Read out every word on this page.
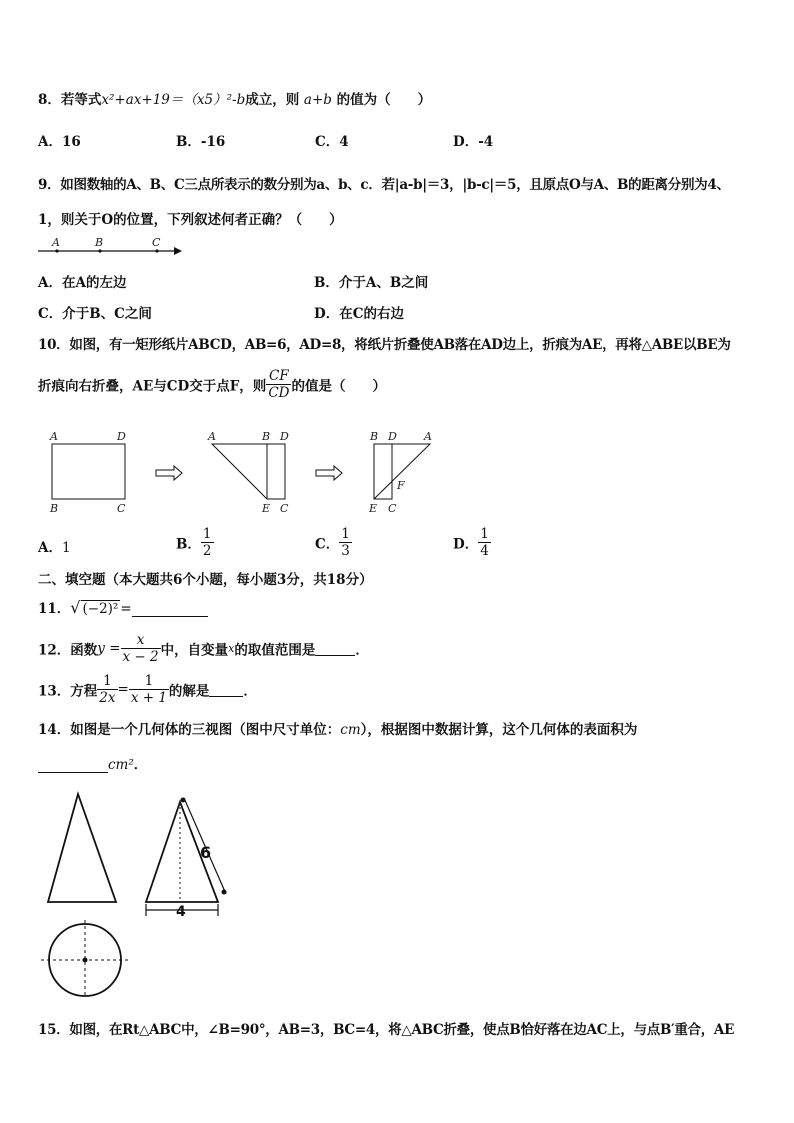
8．若等式x²+ax+19＝（x5）²-b成立，则 a+b 的值为（　　）
A．16	B．-16	C．4	D．-4
9．如图数轴的A、B、C三点所表示的数分别为a、b、c．若|a-b|＝3，|b-c|＝5，且原点O与A、B的距离分别为4、
1，则关于O的位置，下列叙述何者正确？（　　）
A	B	C
A．在A的左边	B．介于A、B之间
C．介于B、C之间	D．在C的右边
10．如图，有一矩形纸片ABCD，AB=6，AD=8，将纸片折叠使AB落在AD边上，折痕为AE，再将△ABE以BE为
折痕向右折叠，AE与CD交于点F，则 $\frac{CF}{CD}$ 的值是（　　）
A	D
B	C
A	B D
E C
B D A
F
E C
A．1	B． $\frac{1}{2}$	C． $\frac{1}{3}$	D． $\frac{1}{4}$
二、填空题（本大题共6个小题，每小题3分，共18分）
11．√ (−2)² =
12．函数$y = \frac{x}{x - 2}$ 中，自变量x的取值范围是	．
13．方程 $\frac{1}{2x} = \frac{1}{x + 1}$ 的解是	．
14．如图是一个几何体的三视图（图中尺寸单位：cm），根据图中数据计算，这个几何体的表面积为
cm²．
6
4
15．如图，在Rt△ABC中，∠B=90°，AB=3，BC=4，将△ABC折叠，使点B恰好落在边AC上，与点B′重合，AE
